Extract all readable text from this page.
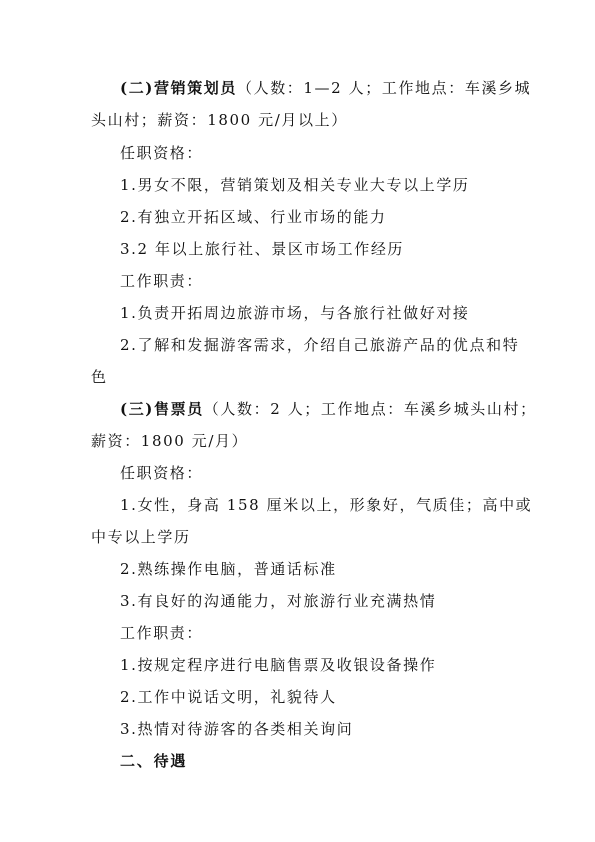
(二)营销策划员（人数：1—2 人；工作地点：车溪乡城
头山村；薪资：1800 元/月以上）
任职资格：
1.男女不限，营销策划及相关专业大专以上学历
2.有独立开拓区域、行业市场的能力
3.2 年以上旅行社、景区市场工作经历
工作职责：
1.负责开拓周边旅游市场，与各旅行社做好对接
2.了解和发掘游客需求，介绍自己旅游产品的优点和特
色
(三)售票员（人数：2 人；工作地点：车溪乡城头山村；
薪资：1800 元/月）
任职资格：
1.女性，身高 158 厘米以上，形象好，气质佳；高中或
中专以上学历
2.熟练操作电脑，普通话标准
3.有良好的沟通能力，对旅游行业充满热情
工作职责：
1.按规定程序进行电脑售票及收银设备操作
2.工作中说话文明，礼貌待人
3.热情对待游客的各类相关询问
二、待遇
